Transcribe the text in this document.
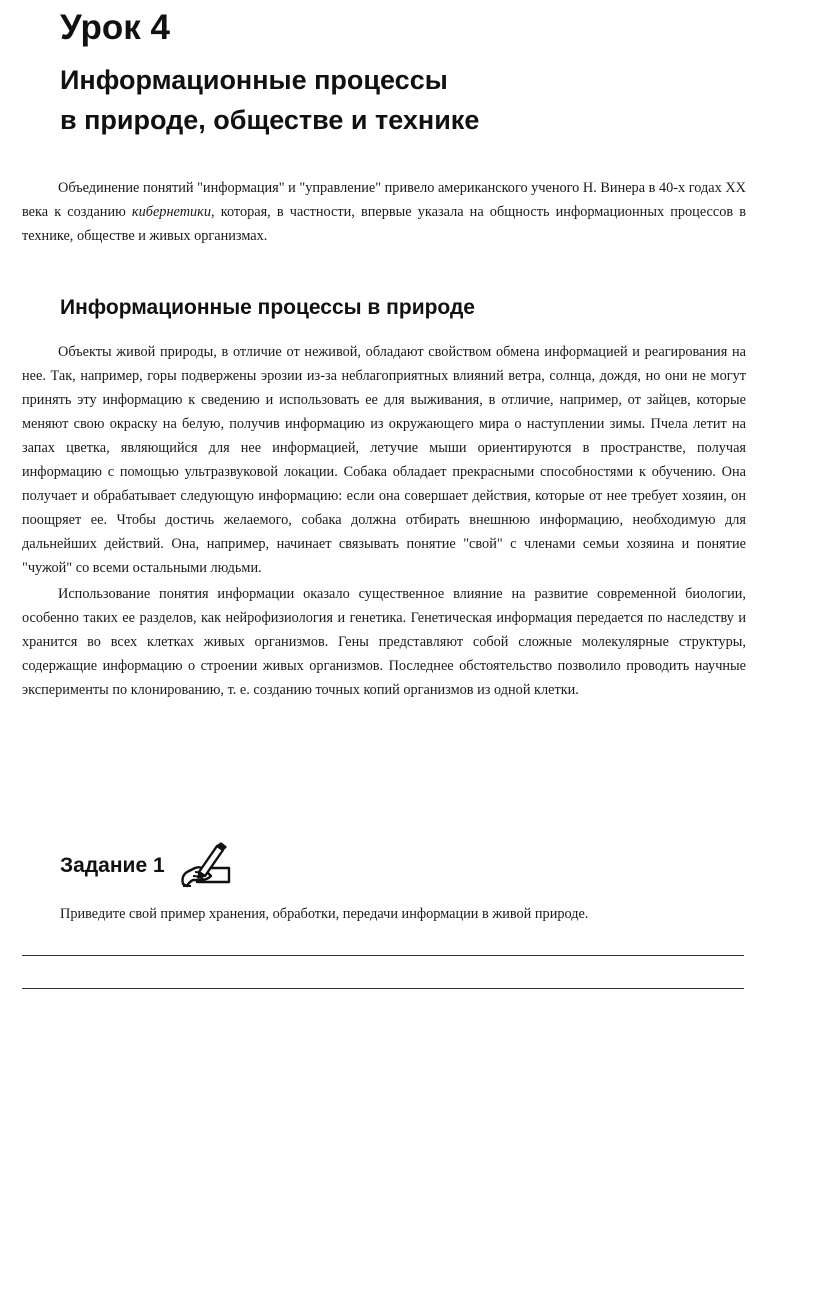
Урок 4
Информационные процессы
в природе, обществе и технике

Объединение понятий "информация" и "управление" привело американского ученого Н. Винера в 40-х годах XX века к созданию кибернетики, которая, в частности, впервые указала на общность информационных процессов в технике, обществе и живых организмах.

Информационные процессы в природе

Объекты живой природы, в отличие от неживой, обладают свойством обмена информацией и реагирования на нее. Так, например, горы подвержены эрозии из-за неблагоприятных влияний ветра, солнца, дождя, но они не могут принять эту информацию к сведению и использовать ее для выживания, в отличие, например, от зайцев, которые меняют свою окраску на белую, получив информацию из окружающего мира о наступлении зимы. Пчела летит на запах цветка, являющийся для нее информацией, летучие мыши ориентируются в пространстве, получая информацию с помощью ультразвуковой локации. Собака обладает прекрасными способностями к обучению. Она получает и обрабатывает следующую информацию: если она совершает действия, которые от нее требует хозяин, он поощряет ее. Чтобы достичь желаемого, собака должна отбирать внешнюю информацию, необходимую для дальнейших действий. Она, например, начинает связывать понятие "свой" с членами семьи хозяина и понятие "чужой" со всеми остальными людьми.

Использование понятия информации оказало существенное влияние на развитие современной биологии, особенно таких ее разделов, как нейрофизиология и генетика. Генетическая информация передается по наследству и хранится во всех клетках живых организмов. Гены представляют собой сложные молекулярные структуры, содержащие информацию о строении живых организмов. Последнее обстоятельство позволило проводить научные эксперименты по клонированию, т. е. созданию точных копий организмов из одной клетки.

Задание 1

Приведите свой пример хранения, обработки, передачи информации в живой природе.
